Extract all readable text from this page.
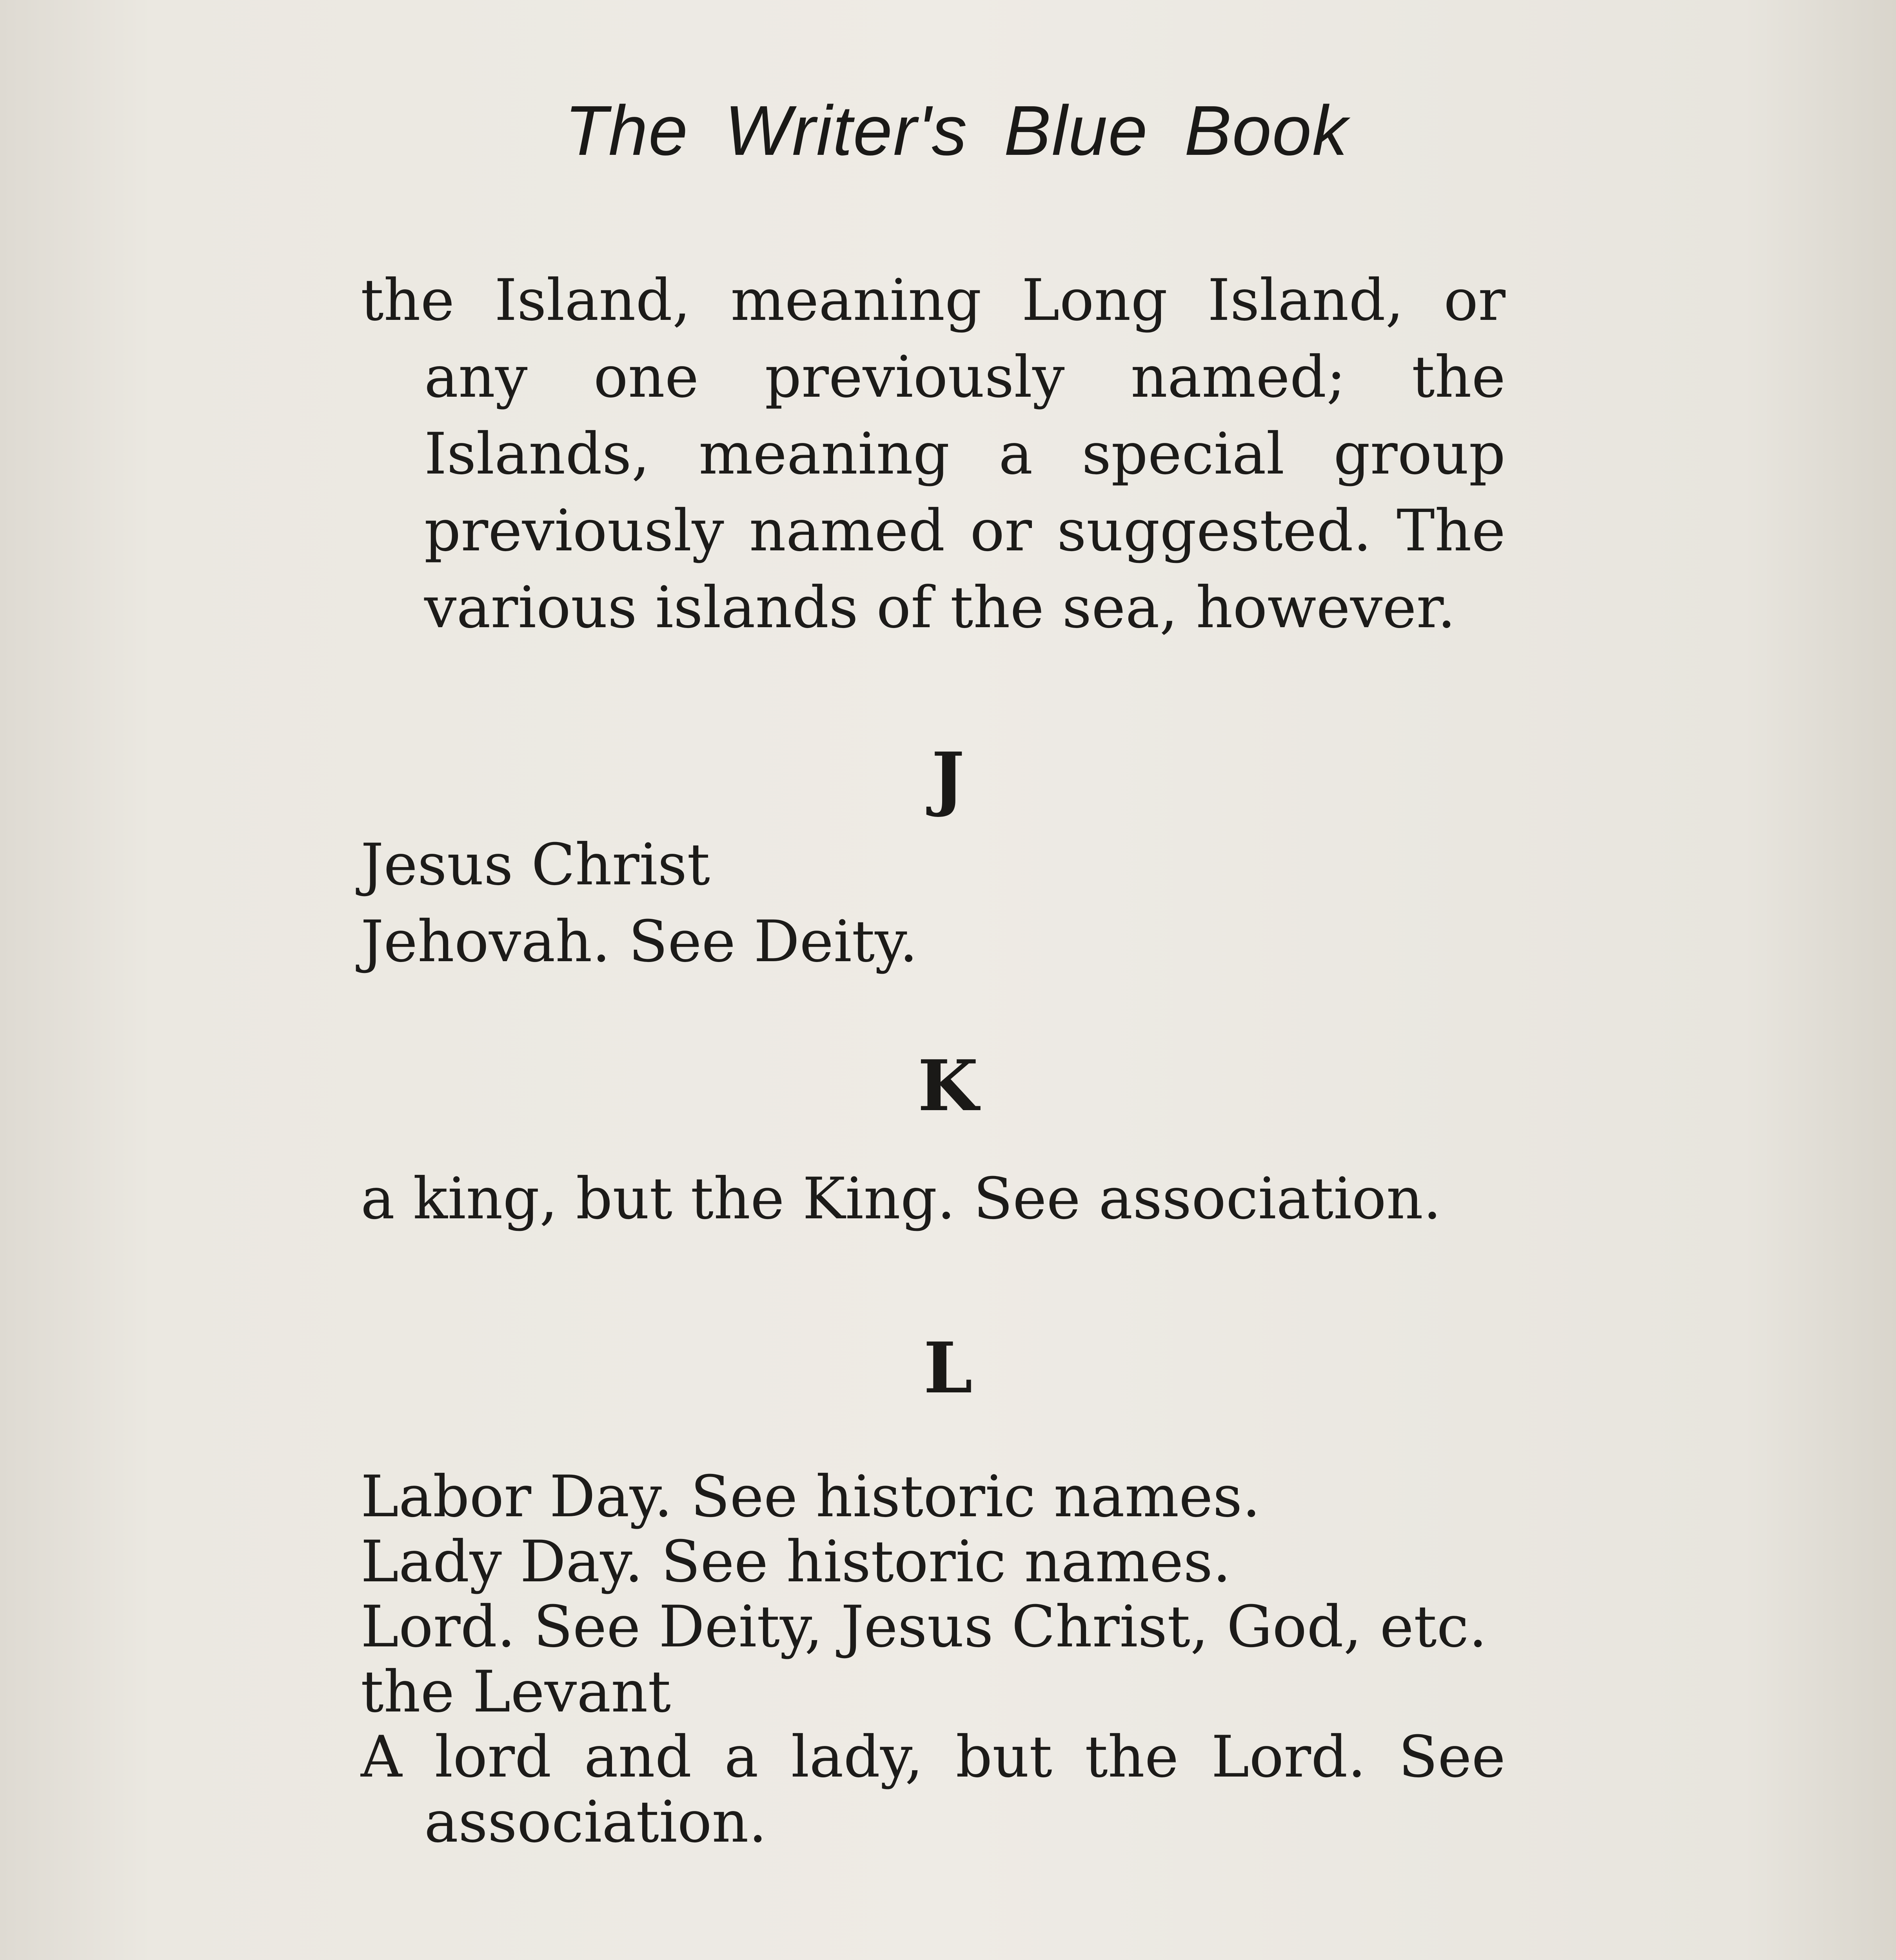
The Writer's Blue Book

the Island, meaning Long Island, or any one previously named; the Islands, meaning a special group previously named or suggested. The various islands of the sea, however.

J

Jesus Christ

Jehovah. See Deity.

K

a king, but the King. See association.

L

Labor Day. See historic names.

Lady Day. See historic names.

Lord. See Deity, Jesus Christ, God, etc.

the Levant

A lord and a lady, but the Lord. See association.
